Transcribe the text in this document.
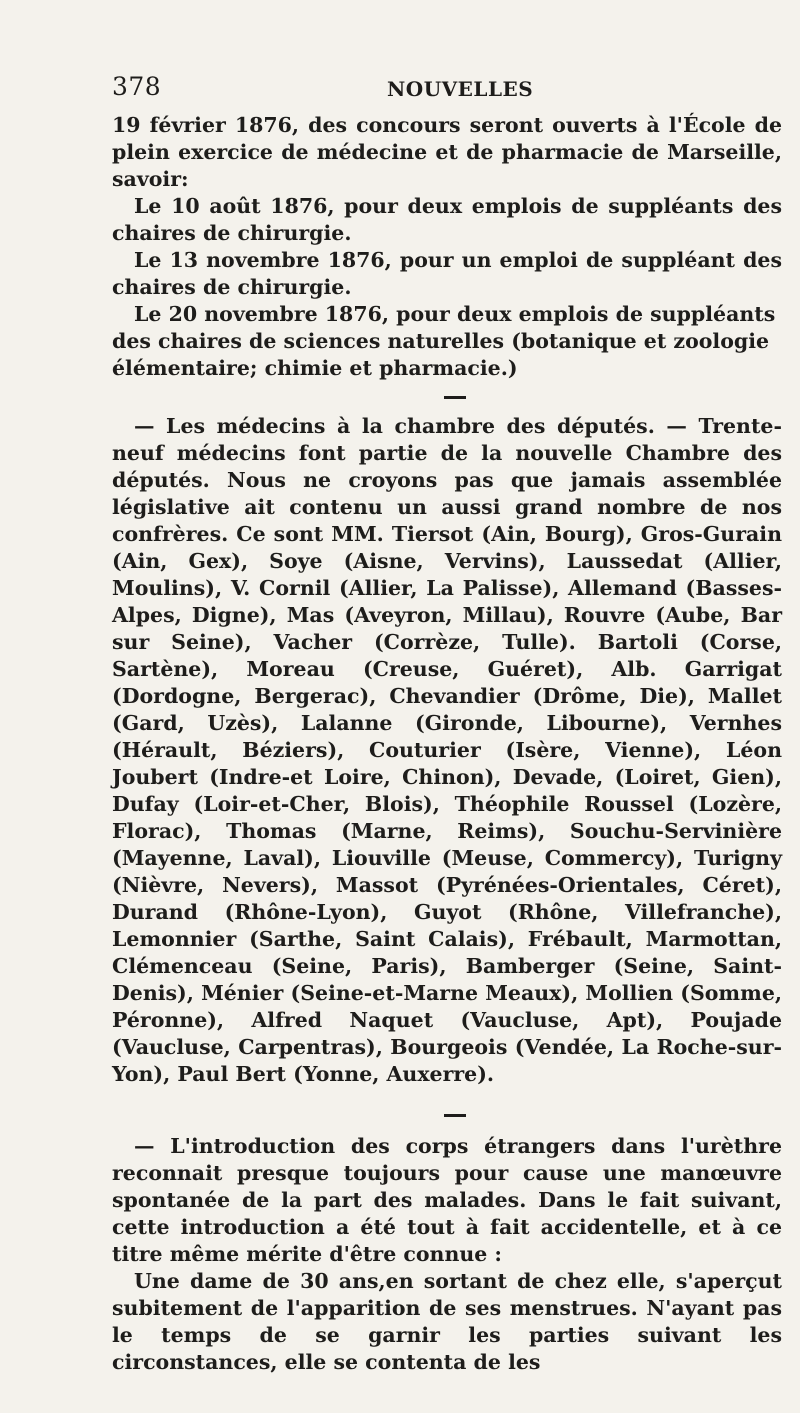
378	NOUVELLES

19 février 1876, des concours seront ouverts à l'École de plein exercice de médecine et de pharmacie de Marseille, savoir:

Le 10 août 1876, pour deux emplois de suppléants des chaires de chirurgie.

Le 13 novembre 1876, pour un emploi de suppléant des chaires de chirurgie.

Le 20 novembre 1876, pour deux emplois de suppléants des chaires de sciences naturelles (botanique et zoologie élémentaire; chimie et pharmacie.)

— Les médecins à la chambre des députés. — Trente-neuf médecins font partie de la nouvelle Chambre des députés. Nous ne croyons pas que jamais assemblée législative ait contenu un aussi grand nombre de nos confrères. Ce sont MM. Tiersot (Ain, Bourg), Gros-Gurain (Ain, Gex), Soye (Aisne, Vervins), Laussedat (Allier, Moulins), V. Cornil (Allier, La Palisse), Allemand (Basses-Alpes, Digne), Mas (Aveyron, Millau), Rouvre (Aube, Bar sur Seine), Vacher (Corrèze, Tulle). Bartoli (Corse, Sartène), Moreau (Creuse, Guéret), Alb. Garrigat (Dordogne, Bergerac), Chevandier (Drôme, Die), Mallet (Gard, Uzès), Lalanne (Gironde, Libourne), Vernhes (Hérault, Béziers), Couturier (Isère, Vienne), Léon Joubert (Indre-et Loire, Chinon), Devade, (Loiret, Gien), Dufay (Loir-et-Cher, Blois), Théophile Roussel (Lozère, Florac), Thomas (Marne, Reims), Souchu-Servinière (Mayenne, Laval), Liouville (Meuse, Commercy), Turigny (Nièvre, Nevers), Massot (Pyrénées-Orientales, Céret), Durand (Rhône-Lyon), Guyot (Rhône, Villefranche), Lemonnier (Sarthe, Saint Calais), Frébault, Marmottan, Clémenceau (Seine, Paris), Bamberger (Seine, Saint-Denis), Ménier (Seine-et-Marne Meaux), Mollien (Somme, Péronne), Alfred Naquet (Vaucluse, Apt), Poujade (Vaucluse, Carpentras), Bourgeois (Vendée, La Roche-sur-Yon), Paul Bert (Yonne, Auxerre).

— L'introduction des corps étrangers dans l'urèthre reconnait presque toujours pour cause une manœuvre spontanée de la part des malades. Dans le fait suivant, cette introduction a été tout à fait accidentelle, et à ce titre même mérite d'être connue :

Une dame de 30 ans,en sortant de chez elle, s'aperçut subitement de l'apparition de ses menstrues. N'ayant pas le temps de se garnir les parties suivant les circonstances, elle se contenta de les
